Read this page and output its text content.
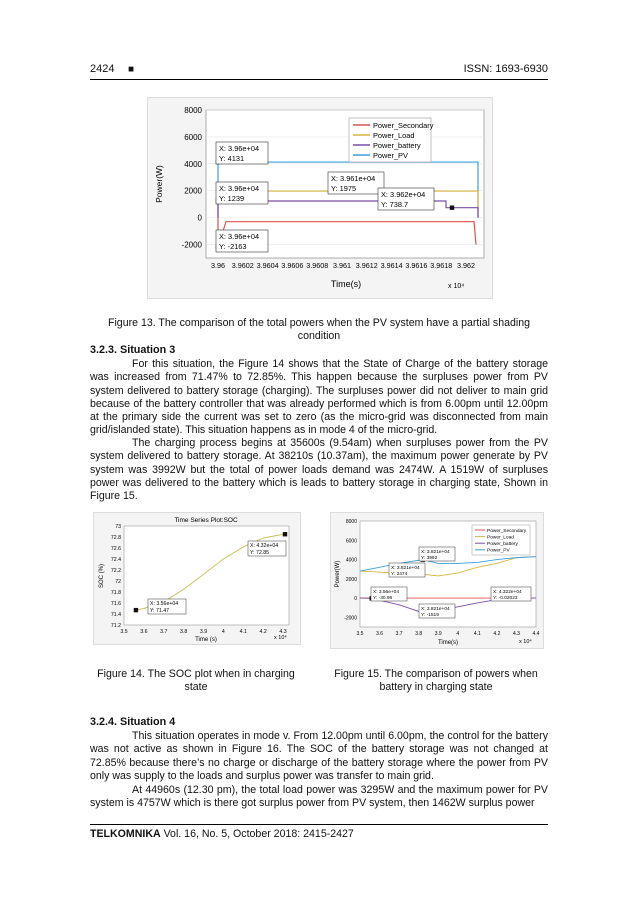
2424 ■	ISSN: 1693-6930
8000
6000
4000
2000
0
-2000
3.96 3.9602 3.9604 3.9606 3.9608 3.961 3.9612 3.9614 3.9616 3.9618 3.962
Power_Secondary
Power_Load
Power_battery
Power_PV
X: 3.96e+04
Y: 4131
X: 3.96e+04
Y: 1239
X: 3.96e+04
Y: -2163
X: 3.961e+04
Y: 1975
X: 3.962e+04
Y: 738.7
Power(W)
Time(s)	x 10⁴
Figure 13. The comparison of the total powers when the PV system have a partial shading
condition
3.2.3. Situation 3

For this situation, the Figure 14 shows that the State of Charge of the battery storage was increased from 71.47% to 72.85%. This happen because the surpluses power from PV system delivered to battery storage (charging). The surpluses power did not deliver to main grid because of the battery controller that was already performed which is from 6.00pm until 12.00pm at the primary side the current was set to zero (as the micro-grid was disconnected from main grid/islanded state). This situation happens as in mode 4 of the micro-grid.

The charging process begins at 35600s (9.54am) when surpluses power from the PV system delivered to battery storage. At 38210s (10.37am), the maximum power generate by PV system was 3992W but the total of power loads demand was 2474W. A 1519W of surpluses power was delivered to the battery which is leads to battery storage in charging state, Shown in Figure 15.

Time Series Plot:SOC
73
72.8
72.6
72.4
72.2
72
71.8
71.6
71.4
71.2
3.5 3.6 3.7 3.8 3.9	4	4.1 4.2 4.3
X: 3.56e+04
Y: 71.47
X: 4.32e+04
Y: 72.85
SOC (%)
Time (s)	x 10⁴
8000
6000
4000
2000
0
-2000
3.5	3.6	3.7	3.8	3.9	4	4.1	4.2	4.3	4.4
Power_Secondary
Power_Load
Power_battery
Power_PV
X: 3.821e+04
Y: 3992
X: 3.821e+04
Y: 2474
X: 3.56e+04
Y: -30.96
X: 3.821e+04
Y: -1519
X: 4.322e+04
Y: -0.02023
Power(W)
Time(s)	x 10⁴
Figure 14. The SOC plot when in charging
state
Figure 15. The comparison of powers when
battery in charging state
3.2.4. Situation 4

This situation operates in mode v. From 12.00pm until 6.00pm, the control for the battery was not active as shown in Figure 16. The SOC of the battery storage was not changed at 72.85% because there’s no charge or discharge of the battery storage where the power from PV only was supply to the loads and surplus power was transfer to main grid.

At 44960s (12.30 pm), the total load power was 3295W and the maximum power for PV system is 4757W which is there got surplus power from PV system, then 1462W surplus power

TELKOMNIKA Vol. 16, No. 5, October 2018: 2415-2427
